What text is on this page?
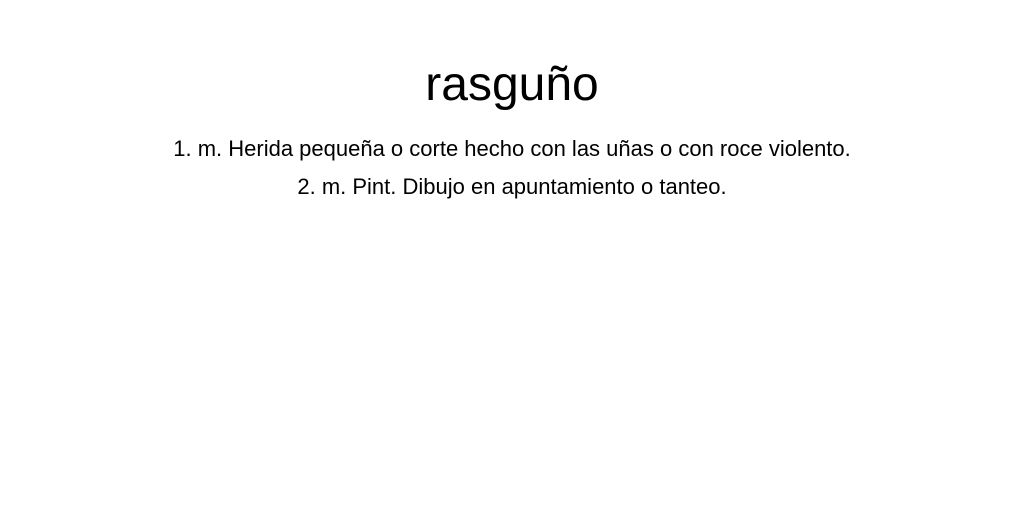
rasguño
1. m. Herida pequeña o corte hecho con las uñas o con roce violento.
2. m. Pint. Dibujo en apuntamiento o tanteo.
